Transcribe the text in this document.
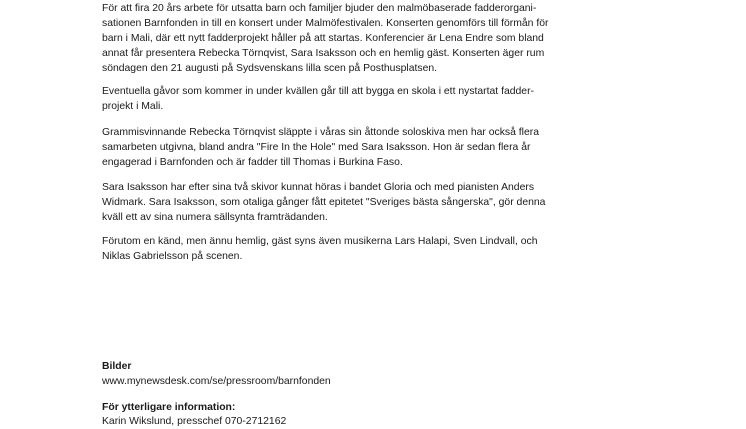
För att fira 20 års arbete för utsatta barn och familjer bjuder den malmöbaserade fadderorgani-
sationen Barnfonden in till en konsert under Malmöfestivalen. Konserten genomförs till förmån för
barn i Mali, där ett nytt fadderprojekt håller på att startas. Konferencier är Lena Endre som bland
annat får presentera Rebecka Törnqvist, Sara Isaksson och en hemlig gäst. Konserten äger rum
söndagen den 21 augusti på Sydsvenskans lilla scen på Posthusplatsen.
Eventuella gåvor som kommer in under kvällen går till att bygga en skola i ett nystartat fadder-
projekt i Mali.
Grammisvinnande Rebecka Törnqvist släppte i våras sin åttonde soloskiva men har också flera
samarbeten utgivna, bland andra "Fire In the Hole" med Sara Isaksson. Hon är sedan flera år
engagerad i Barnfonden och är fadder till Thomas i Burkina Faso.
Sara Isaksson har efter sina två skivor kunnat höras i bandet Gloria och med pianisten Anders
Widmark. Sara Isaksson, som otaliga gånger fått epitetet "Sveriges bästa sångerska", gör denna
kväll ett av sina numera sällsynta framträdanden.
Förutom en känd, men ännu hemlig, gäst syns även musikerna Lars Halapi, Sven Lindvall, och
Niklas Gabrielsson på scenen.
Bilder
www.mynewsdesk.com/se/pressroom/barnfonden
För ytterligare information:
Karin Wikslund, presschef 070-2712162
